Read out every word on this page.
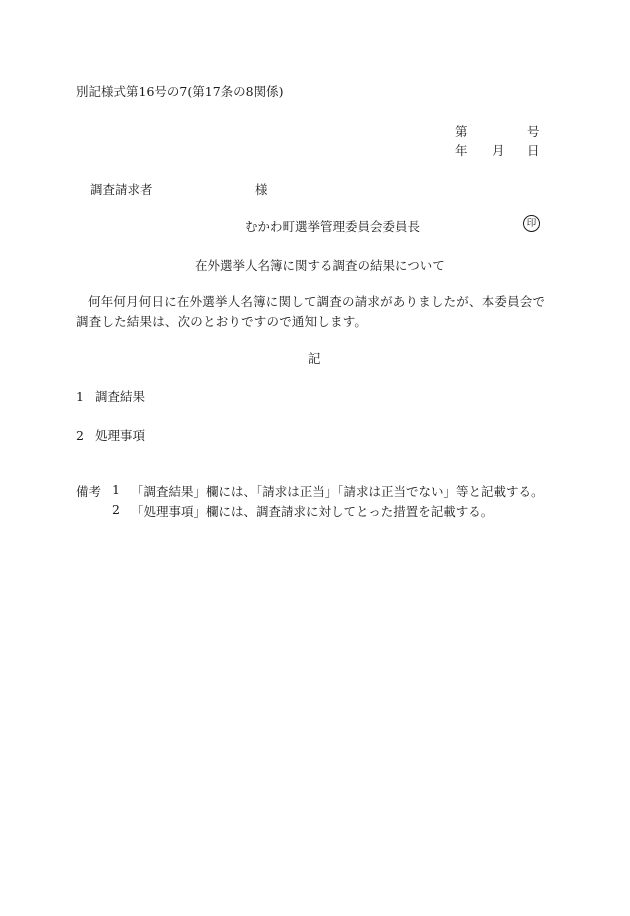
別記様式第16号の7(第17条の8関係)
第	号
年 月 日
調査請求者	様
むかわ町選挙管理委員会委員長	印
在外選挙人名簿に関する調査の結果について
何年何月何日に在外選挙人名簿に関して調査の請求がありましたが、本委員会で調査した結果は、次のとおりですので通知します。
記
1 調査結果
2 処理事項
備考 1 「調査結果」欄には、「請求は正当」「請求は正当でない」等と記載する。
2 「処理事項」欄には、調査請求に対してとった措置を記載する。
